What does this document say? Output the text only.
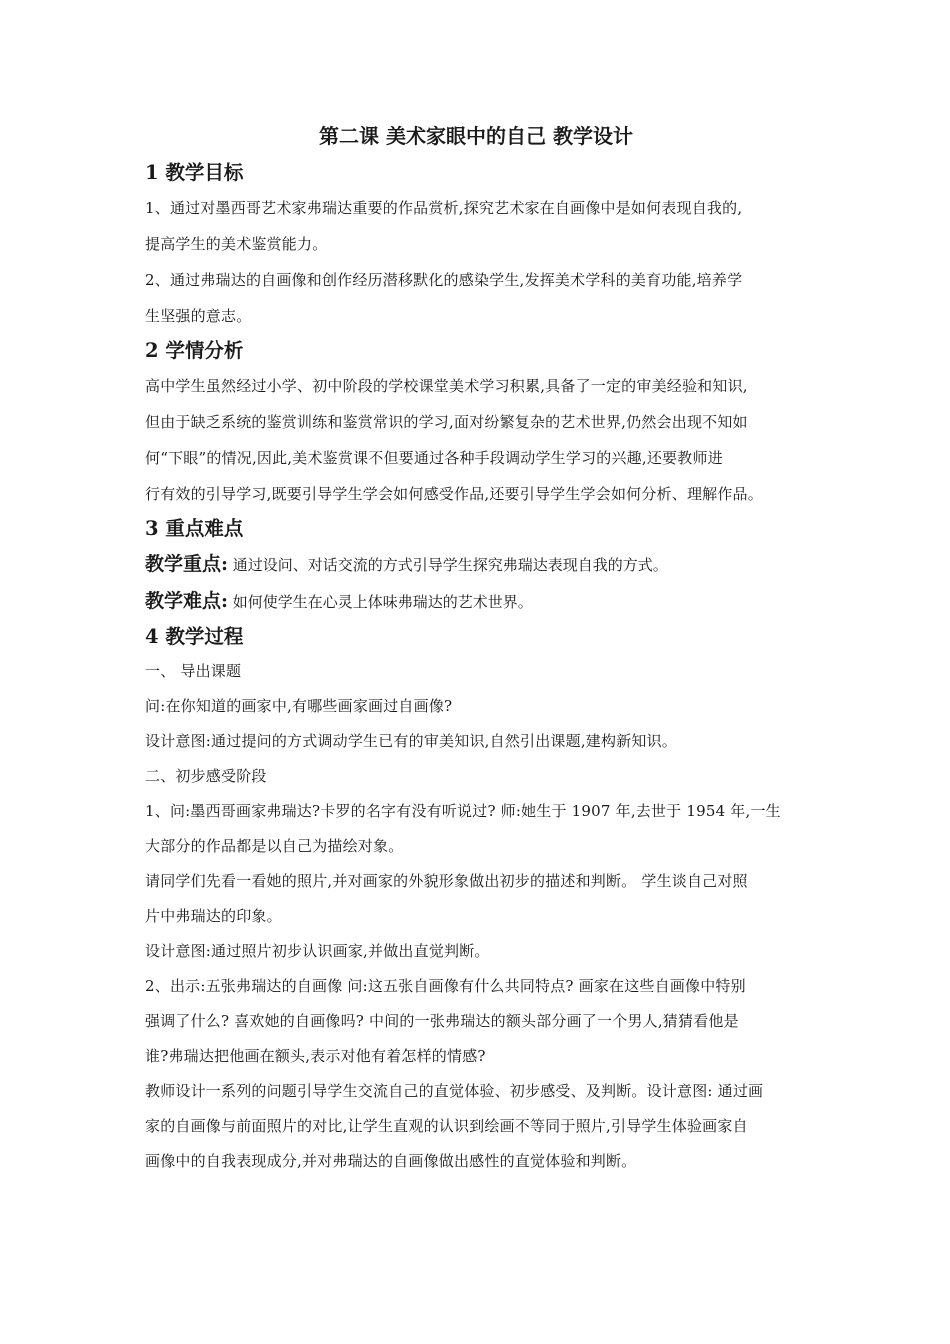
第二课 美术家眼中的自己 教学设计
1 教学目标
1、通过对墨西哥艺术家弗瑞达重要的作品赏析,探究艺术家在自画像中是如何表现自我的,
提高学生的美术鉴赏能力。
2、通过弗瑞达的自画像和创作经历潜移默化的感染学生,发挥美术学科的美育功能,培养学
生坚强的意志。
2 学情分析
高中学生虽然经过小学、初中阶段的学校课堂美术学习积累,具备了一定的审美经验和知识,
但由于缺乏系统的鉴赏训练和鉴赏常识的学习,面对纷繁复杂的艺术世界,仍然会出现不知如
何“下眼”的情况,因此,美术鉴赏课不但要通过各种手段调动学生学习的兴趣,还要教师进
行有效的引导学习,既要引导学生学会如何感受作品,还要引导学生学会如何分析、理解作品。
3 重点难点
教学重点: 通过设问、对话交流的方式引导学生探究弗瑞达表现自我的方式。
教学难点: 如何使学生在心灵上体味弗瑞达的艺术世界。
4 教学过程
一、 导出课题
问:在你知道的画家中,有哪些画家画过自画像?
设计意图:通过提问的方式调动学生已有的审美知识,自然引出课题,建构新知识。
二、初步感受阶段
1、问:墨西哥画家弗瑞达?卡罗的名字有没有听说过? 师:她生于 1907 年,去世于 1954 年,一生
大部分的作品都是以自己为描绘对象。
请同学们先看一看她的照片,并对画家的外貌形象做出初步的描述和判断。 学生谈自己对照
片中弗瑞达的印象。
设计意图:通过照片初步认识画家,并做出直觉判断。
2、出示:五张弗瑞达的自画像 问:这五张自画像有什么共同特点? 画家在这些自画像中特别
强调了什么? 喜欢她的自画像吗? 中间的一张弗瑞达的额头部分画了一个男人,猜猜看他是
谁?弗瑞达把他画在额头,表示对他有着怎样的情感?
教师设计一系列的问题引导学生交流自己的直觉体验、初步感受、及判断。设计意图: 通过画
家的自画像与前面照片的对比,让学生直观的认识到绘画不等同于照片,引导学生体验画家自
画像中的自我表现成分,并对弗瑞达的自画像做出感性的直觉体验和判断。
